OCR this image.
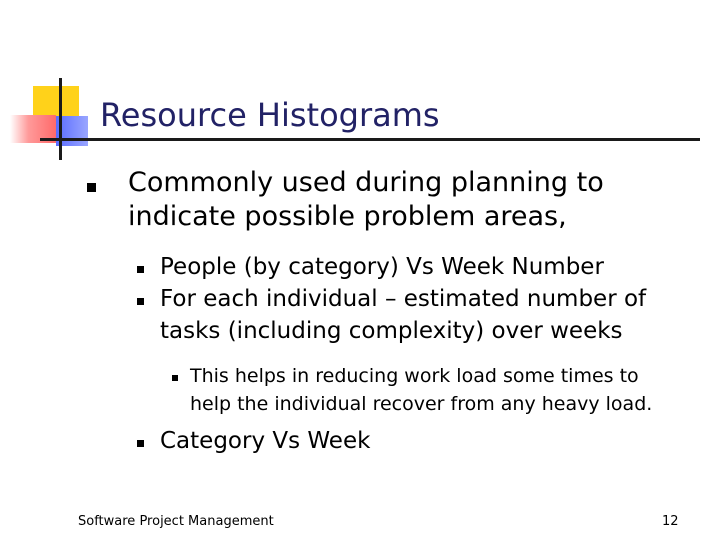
Resource Histograms
Commonly used during planning to
indicate possible problem areas,
People (by category) Vs Week Number
For each individual – estimated number of
tasks (including complexity) over weeks
This helps in reducing work load some times to
help the individual recover from any heavy load.
Category Vs Week
Software Project Management	12
